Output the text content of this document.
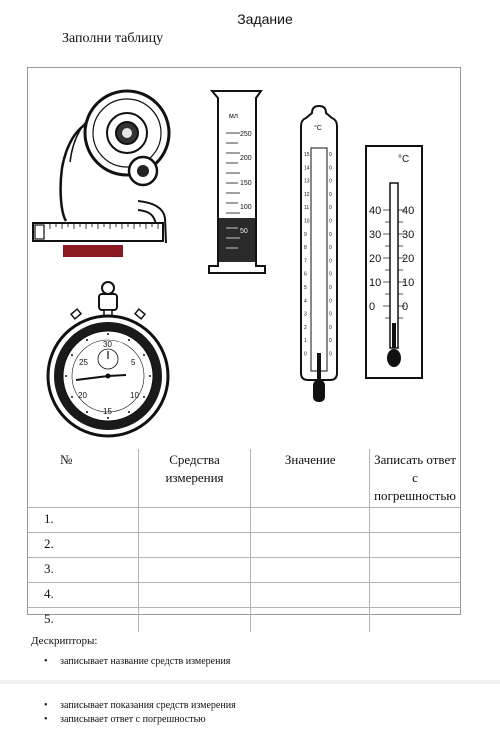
Задание
Заполни таблицу
мл
250
200
150
100
50
30
25	5
20	10
15
°С
15	0
14	0
13	0
12	0
11	0
10	0
9	0
8	0
7	0
6	0
5	0
4	0
3	0
2	0
1	0
0	0
°С
40 40
30 30
20 20
10 10
0 0
№	Средства измерения	Значение	Записать ответ с погрешностью
1.			
2.			
3.			
4.			
5.			
Дескрипторы:
• записывает название средств измерения
• записывает показания средств измерения
• записывает ответ с погрешностью
